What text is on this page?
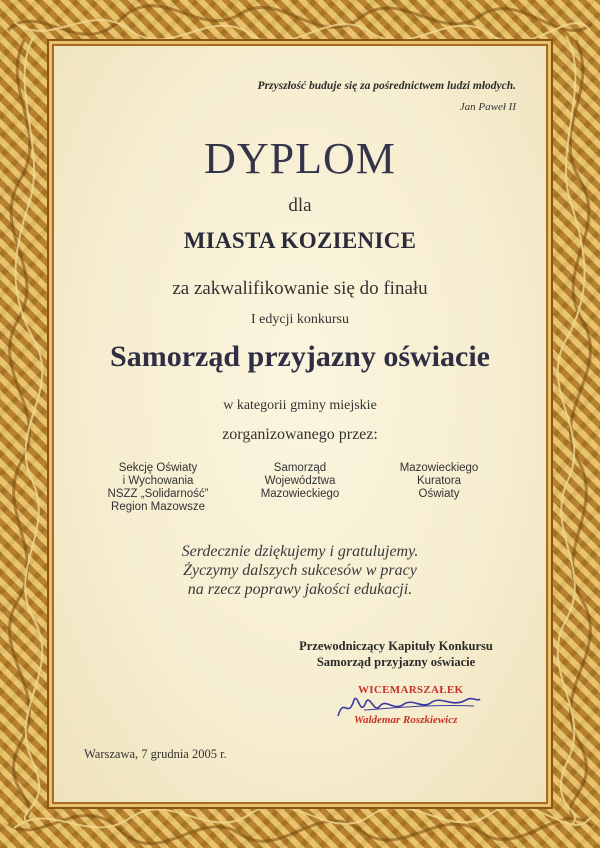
Przyszłość buduje się za pośrednictwem ludzi młodych.

Jan Paweł II

DYPLOM

dla

MIASTA KOZIENICE

za zakwalifikowanie się do finału

I edycji konkursu

Samorząd przyjazny oświacie

w kategorii gminy miejskie

zorganizowanego przez:

Sekcję Oświaty
i Wychowania
NSZZ „Solidarność”
Region Mazowsze
Samorząd
Województwa
Mazowieckiego
Mazowieckiego
Kuratora
Oświaty
Serdecznie dziękujemy i gratulujemy.
Życzymy dalszych sukcesów w pracy
na rzecz poprawy jakości edukacji.
Przewodniczący Kapituły Konkursu
Samorząd przyjazny oświacie
WICEMARSZAŁEK
Waldemar Roszkiewicz

Warszawa, 7 grudnia 2005 r.
